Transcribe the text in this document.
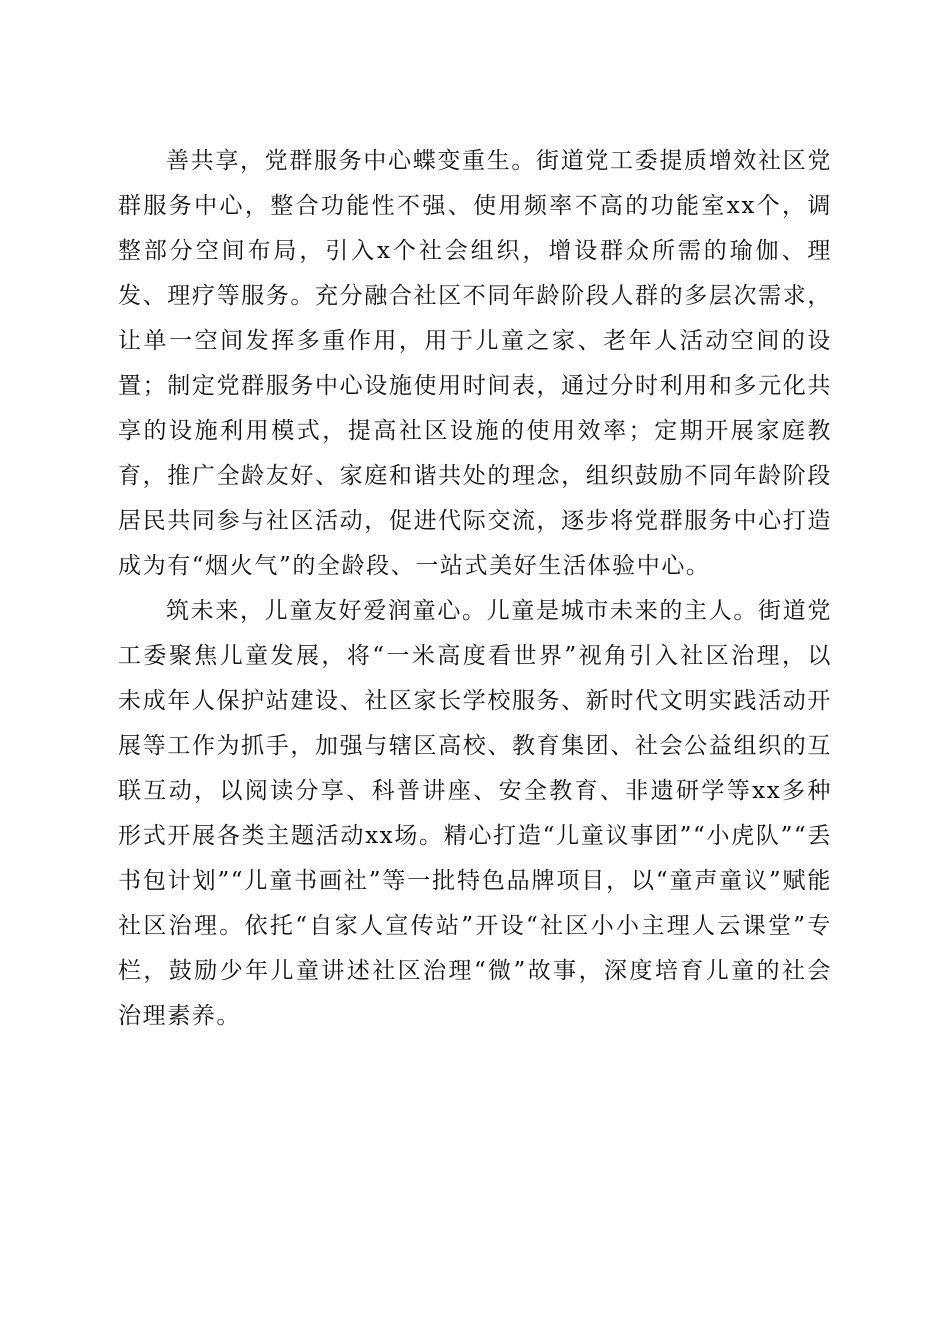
善共享，党群服务中心蝶变重生。街道党工委提质增效社区党群服务中心，整合功能性不强、使用频率不高的功能室xx个，调整部分空间布局，引入x个社会组织，增设群众所需的瑜伽、理发、理疗等服务。充分融合社区不同年龄阶段人群的多层次需求，让单一空间发挥多重作用，用于儿童之家、老年人活动空间的设置；制定党群服务中心设施使用时间表，通过分时利用和多元化共享的设施利用模式，提高社区设施的使用效率；定期开展家庭教育，推广全龄友好、家庭和谐共处的理念，组织鼓励不同年龄阶段居民共同参与社区活动，促进代际交流，逐步将党群服务中心打造成为有“烟火气”的全龄段、一站式美好生活体验中心。

筑未来，儿童友好爱润童心。儿童是城市未来的主人。街道党工委聚焦儿童发展，将“一米高度看世界”视角引入社区治理，以未成年人保护站建设、社区家长学校服务、新时代文明实践活动开展等工作为抓手，加强与辖区高校、教育集团、社会公益组织的互联互动，以阅读分享、科普讲座、安全教育、非遗研学等xx多种形式开展各类主题活动xx场。精心打造“儿童议事团”“小虎队”“丢书包计划”“儿童书画社”等一批特色品牌项目，以“童声童议”赋能社区治理。依托“自家人宣传站”开设“社区小小主理人云课堂”专栏，鼓励少年儿童讲述社区治理“微”故事，深度培育儿童的社会治理素养。
